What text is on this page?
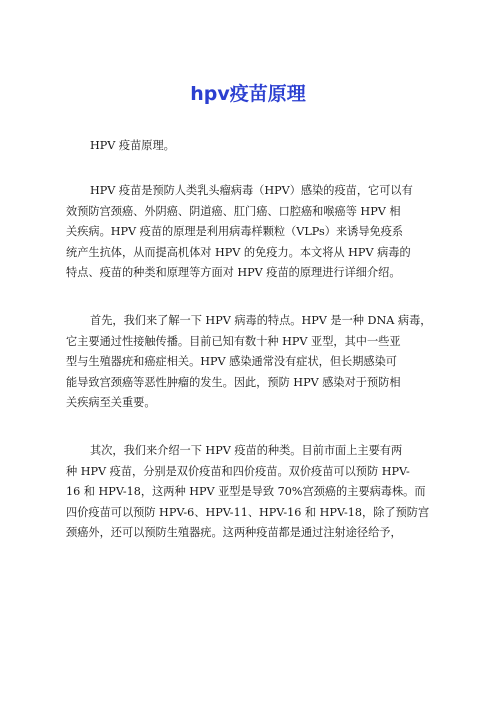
hpv疫苗原理
HPV 疫苗原理。
HPV 疫苗是预防人类乳头瘤病毒（HPV）感染的疫苗，它可以有
效预防宫颈癌、外阴癌、阴道癌、肛门癌、口腔癌和喉癌等 HPV 相
关疾病。HPV 疫苗的原理是利用病毒样颗粒（VLPs）来诱导免疫系
统产生抗体，从而提高机体对 HPV 的免疫力。本文将从 HPV 病毒的
特点、疫苗的种类和原理等方面对 HPV 疫苗的原理进行详细介绍。
首先，我们来了解一下 HPV 病毒的特点。HPV 是一种 DNA 病毒，
它主要通过性接触传播。目前已知有数十种 HPV 亚型，其中一些亚
型与生殖器疣和癌症相关。HPV 感染通常没有症状，但长期感染可
能导致宫颈癌等恶性肿瘤的发生。因此，预防 HPV 感染对于预防相
关疾病至关重要。
其次，我们来介绍一下 HPV 疫苗的种类。目前市面上主要有两
种 HPV 疫苗，分别是双价疫苗和四价疫苗。双价疫苗可以预防 HPV-
16 和 HPV-18，这两种 HPV 亚型是导致 70%宫颈癌的主要病毒株。而
四价疫苗可以预防 HPV-6、HPV-11、HPV-16 和 HPV-18，除了预防宫
颈癌外，还可以预防生殖器疣。这两种疫苗都是通过注射途径给予，
